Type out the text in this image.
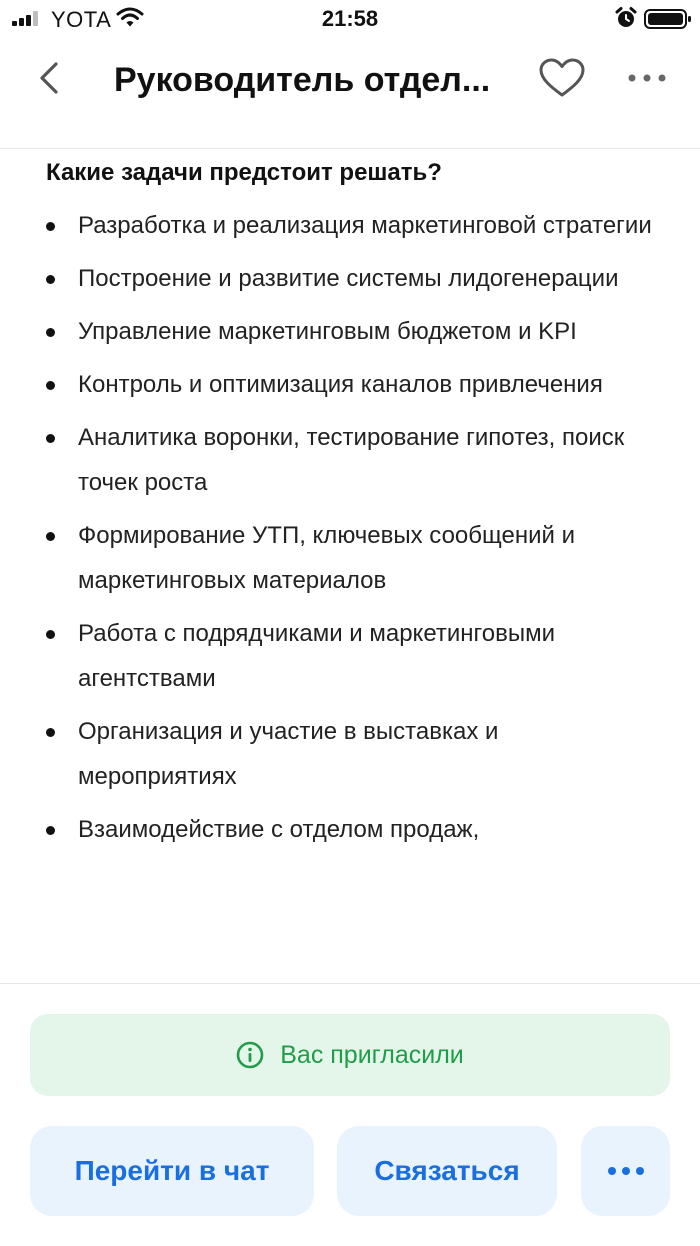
YOTA	21:58
Руководитель отдел...
Какие задачи предстоит решать?
Разработка и реализация маркетинговой стратегии
Построение и развитие системы лидогенерации
Управление маркетинговым бюджетом и KPI
Контроль и оптимизация каналов привлечения
Аналитика воронки, тестирование гипотез, поиск точек роста
Формирование УТП, ключевых сообщений и маркетинговых материалов
Работа с подрядчиками и маркетинговыми агентствами
Организация и участие в выставках и мероприятиях
Взаимодействие с отделом продаж,
Вас пригласили
Перейти в чат	Связаться
